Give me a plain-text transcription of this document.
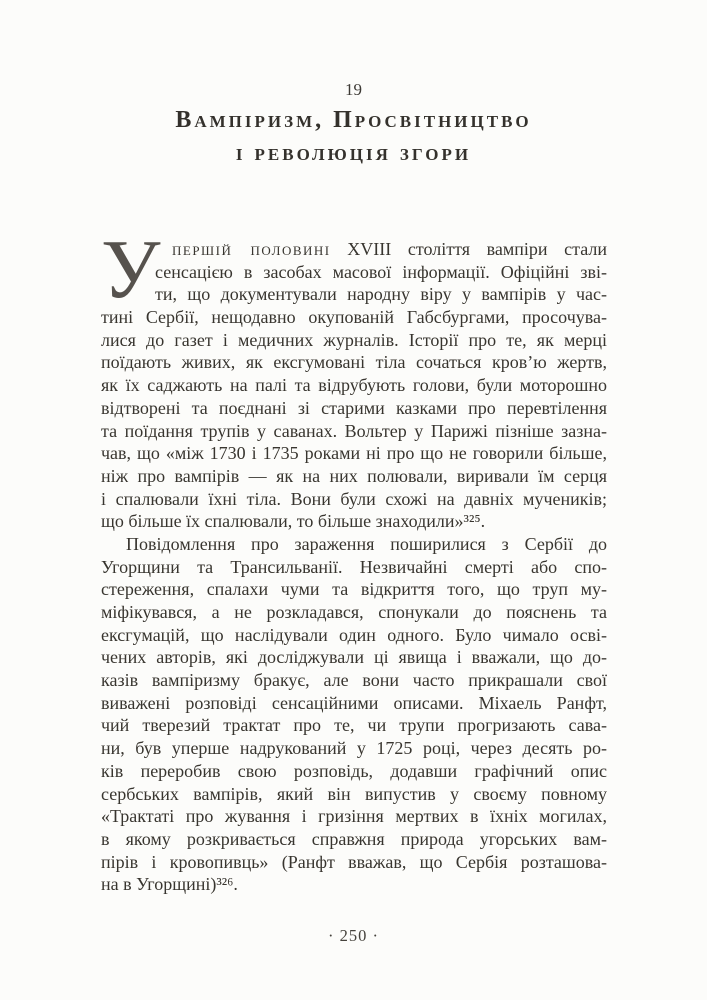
19
Вампіризм, Просвітництво
і революція згори
У першій половині XVIII століття вампіри стали
сенсацією в засобах масової інформації. Офіційні зві-
ти, що документували народну віру у вампірів у час-
тині Сербії, нещодавно окупованій Габсбургами, просочува-
лися до газет і медичних журналів. Історії про те, як мерці
поїдають живих, як ексгумовані тіла сочаться кров’ю жертв,
як їх саджають на палі та відрубують голови, були моторошно
відтворені та поєднані зі старими казками про перевтілення
та поїдання трупів у саванах. Вольтер у Парижі пізніше зазна-
чав, що «між 1730 і 1735 роками ні про що не говорили більше,
ніж про вампірів — як на них полювали, виривали їм серця
і спалювали їхні тіла. Вони були схожі на давніх мучеників;
що більше їх спалювали, то більше знаходили»³²⁵.
Повідомлення про зараження поширилися з Сербії до
Угорщини та Трансильванії. Незвичайні смерті або спо-
стереження, спалахи чуми та відкриття того, що труп му-
міфікувався, а не розкладався, спонукали до пояснень та
ексгумацій, що наслідували один одного. Було чимало осві-
чених авторів, які досліджували ці явища і вважали, що до-
казів вампіризму бракує, але вони часто прикрашали свої
виважені розповіді сенсаційними описами. Міхаель Ранфт,
чий тверезий трактат про те, чи трупи прогризають сава-
ни, був уперше надрукований у 1725 році, через десять ро-
ків переробив свою розповідь, додавши графічний опис
сербських вампірів, який він випустив у своєму повному
«Трактаті про жування і гризіння мертвих в їхніх могилах,
в якому розкривається справжня природа угорських вам-
пірів і кровопивць» (Ранфт вважав, що Сербія розташова-
на в Угорщині)³²⁶.
· 250 ·
